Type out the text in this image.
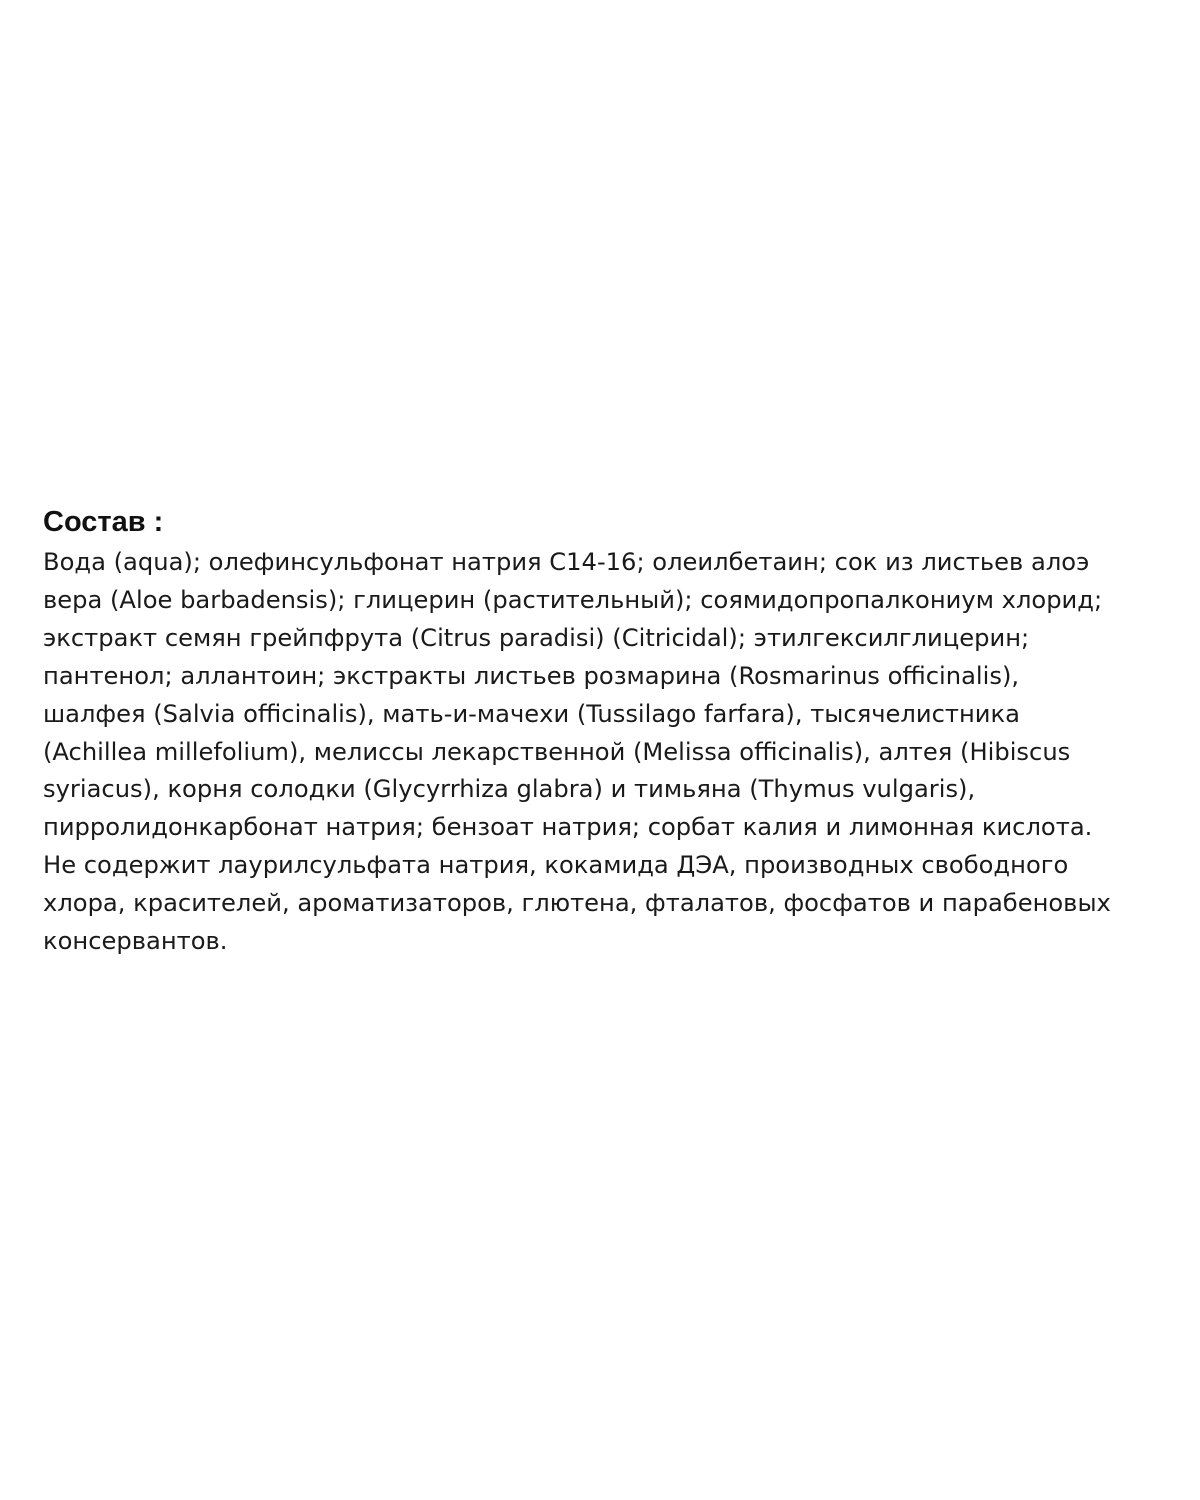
Состав :
Вода (aqua); олефинсульфонат натрия C14-16; олеилбетаин; сок из листьев алоэ
вера (Aloe barbadensis); глицерин (растительный); соямидопропалкониум хлорид;
экстракт семян грейпфрута (Citrus paradisi) (Citricidal); этилгексилглицерин;
пантенол; аллантоин; экстракты листьев розмарина (Rosmarinus officinalis),
шалфея (Salvia officinalis), мать-и-мачехи (Tussilago farfara), тысячелистника
(Achillea millefolium), мелиссы лекарственной (Melissa officinalis), алтея (Hibiscus
syriacus), корня солодки (Glycyrrhiza glabra) и тимьяна (Thymus vulgaris),
пирролидонкарбонат натрия; бензоат натрия; сорбат калия и лимонная кислота.
Не содержит лаурилсульфата натрия, кокамида ДЭА, производных свободного
хлора, красителей, ароматизаторов, глютена, фталатов, фосфатов и парабеновых
консервантов.
